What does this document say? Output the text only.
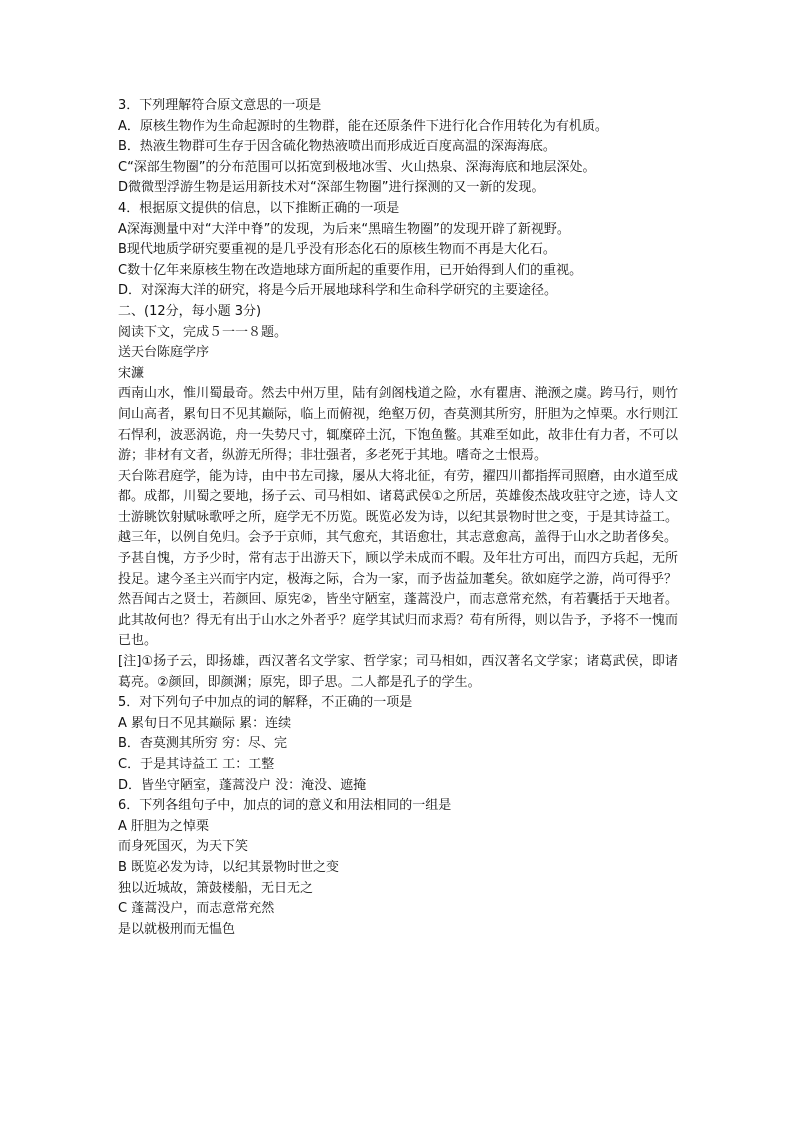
3．下列理解符合原文意思的一项是
A．原核生物作为生命起源时的生物群，能在还原条件下进行化合作用转化为有机质。
B．热液生物群可生存于因含硫化物热液喷出而形成近百度高温的深海海底。
C“深部生物圈”的分布范围可以拓宽到极地冰雪、火山热泉、深海海底和地层深处。
D微微型浮游生物是运用新技术对“深部生物圈”进行探测的又一新的发现。
4．根据原文提供的信息，以下推断正确的一项是
A深海测量中对“大洋中脊”的发现，为后来“黑暗生物圈”的发现开辟了新视野。
B现代地质学研究要重视的是几乎没有形态化石的原核生物而不再是大化石。
C数十亿年来原核生物在改造地球方面所起的重要作用，已开始得到人们的重视。
D．对深海大洋的研究，将是今后开展地球科学和生命科学研究的主要途径。
二、(12分，每小题 3分)
阅读下文，完成５一一８题。
送天台陈庭学序
宋濂
西南山水，惟川蜀最奇。然去中州万里，陆有剑阁栈道之险，水有瞿唐、滟滪之虞。跨马行，则竹间山高者，累旬日不见其巅际，临上而俯视，绝壑万仞，杳莫测其所穷，肝胆为之悼栗。水行则江石悍利，波恶涡诡，舟一失势尺寸，辄糜碎土沉，下饱鱼鳖。其难至如此，故非仕有力者，不可以游；非材有文者，纵游无所得；非壮强者，多老死于其地。嗜奇之士恨焉。
天台陈君庭学，能为诗，由中书左司掾，屡从大将北征，有劳，擢四川都指挥司照磨，由水道至成都。成都，川蜀之要地，扬子云、司马相如、诸葛武侯①之所居，英雄俊杰战攻驻守之迹，诗人文士游眺饮射赋咏歌呼之所，庭学无不历览。既览必发为诗，以纪其景物时世之变，于是其诗益工。越三年，以例自免归。会予于京师，其气愈充，其语愈壮，其志意愈高，盖得于山水之助者侈矣。
予甚自愧，方予少时，常有志于出游天下，顾以学未成而不暇。及年壮方可出，而四方兵起，无所投足。逮今圣主兴而宇内定，极海之际，合为一家，而予齿益加耄矣。欲如庭学之游，尚可得乎？
然吾闻古之贤士，若颜回、原宪②，皆坐守陋室，蓬蒿没户，而志意常充然，有若囊括于天地者。此其故何也？得无有出于山水之外者乎？庭学其试归而求焉？苟有所得，则以告予，予将不一愧而已也。
[注]①扬子云，即扬雄，西汉著名文学家、哲学家；司马相如，西汉著名文学家；诸葛武侯，即诸葛亮。②颜回，即颜渊；原宪，即子思。二人都是孔子的学生。
5．对下列句子中加点的词的解释，不正确的一项是
A 累旬日不见其巅际 累：连续
B．杳莫测其所穷 穷：尽、完
C．于是其诗益工 工：工整
D．皆坐守陋室，蓬蒿没户 没：淹没、遮掩
6．下列各组句子中，加点的词的意义和用法相同的一组是
A 肝胆为之悼栗
而身死国灭，为天下笑
B 既览必发为诗，以纪其景物时世之变
独以近城故，箫鼓楼船，无日无之
C 蓬蒿没户，而志意常充然
是以就极刑而无愠色
